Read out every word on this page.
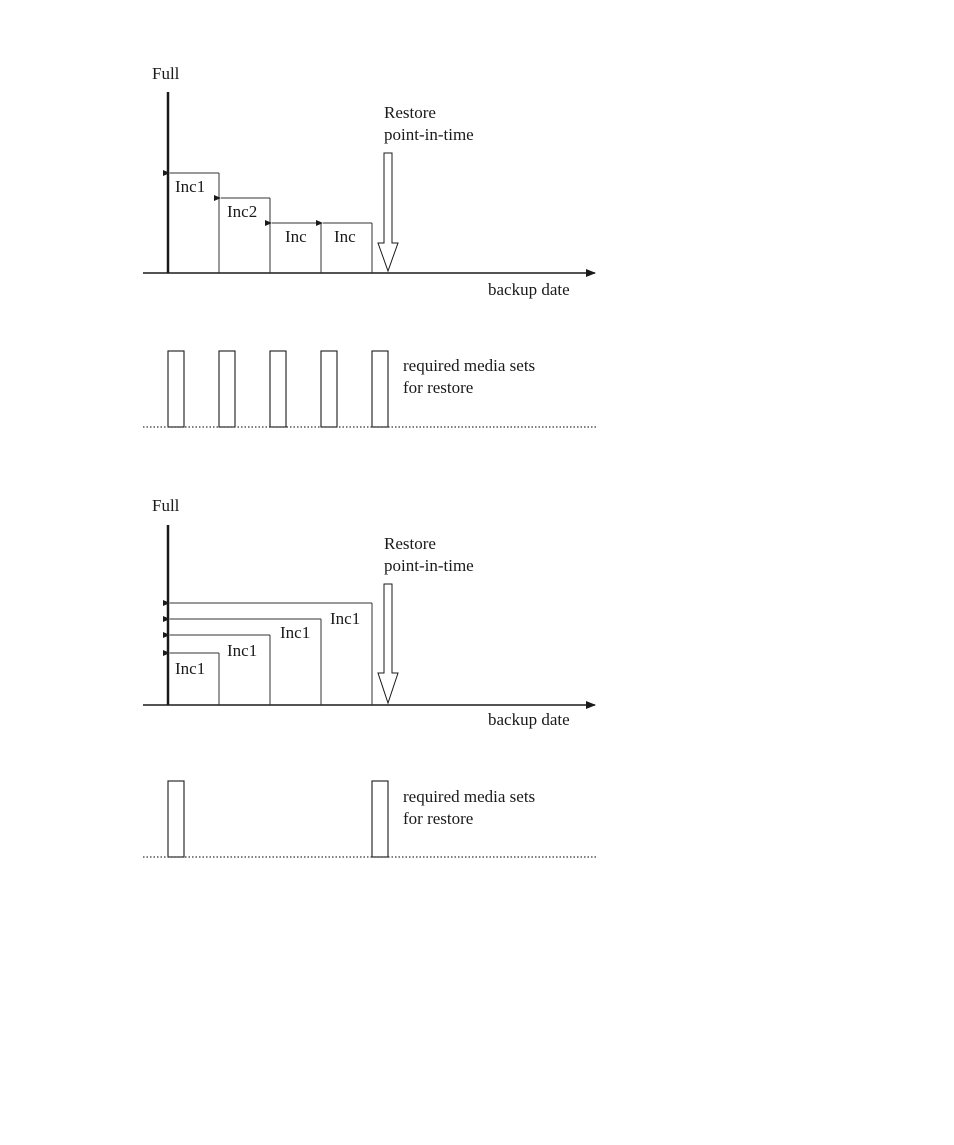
Full
backup date
Inc1
Inc2
Inc Inc
Restore
point-in-time
required media sets
for restore
Full
backup date
Inc1
Inc1
Inc1
Inc1
Restore
point-in-time
required media sets
for restore
